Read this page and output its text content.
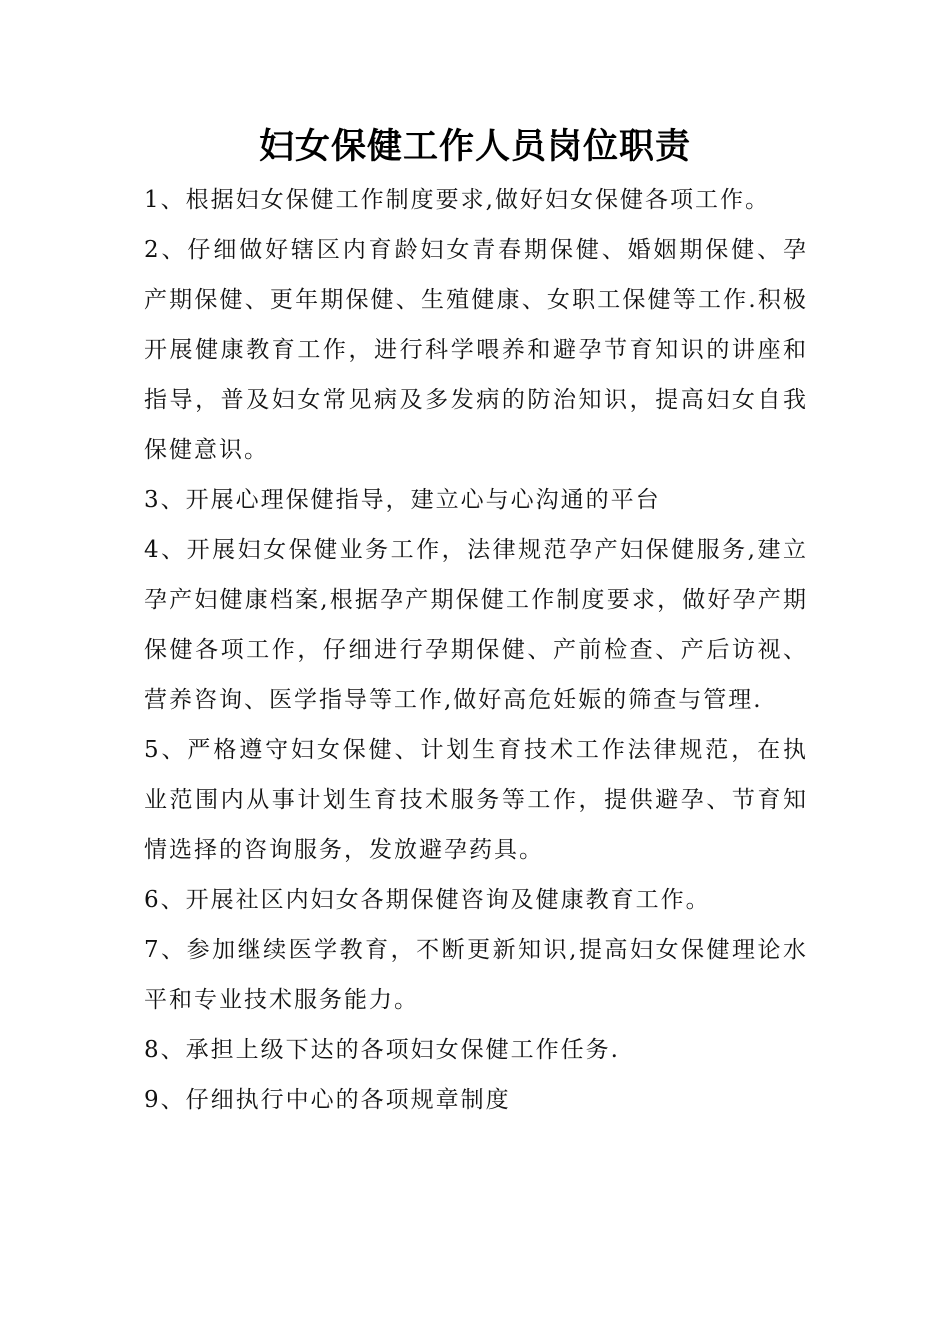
妇女保健工作人员岗位职责

1、根据妇女保健工作制度要求,做好妇女保健各项工作。

2、仔细做好辖区内育龄妇女青春期保健、婚姻期保健、孕产期保健、更年期保健、生殖健康、女职工保健等工作.积极开展健康教育工作，进行科学喂养和避孕节育知识的讲座和指导，普及妇女常见病及多发病的防治知识，提高妇女自我保健意识。

3、开展心理保健指导，建立心与心沟通的平台

4、开展妇女保健业务工作，法律规范孕产妇保健服务,建立孕产妇健康档案,根据孕产期保健工作制度要求，做好孕产期保健各项工作，仔细进行孕期保健、产前检查、产后访视、营养咨询、医学指导等工作,做好高危妊娠的筛查与管理.

5、严格遵守妇女保健、计划生育技术工作法律规范，在执业范围内从事计划生育技术服务等工作，提供避孕、节育知情选择的咨询服务，发放避孕药具。

6、开展社区内妇女各期保健咨询及健康教育工作。

7、参加继续医学教育，不断更新知识,提高妇女保健理论水平和专业技术服务能力。

8、承担上级下达的各项妇女保健工作任务.

9、仔细执行中心的各项规章制度
